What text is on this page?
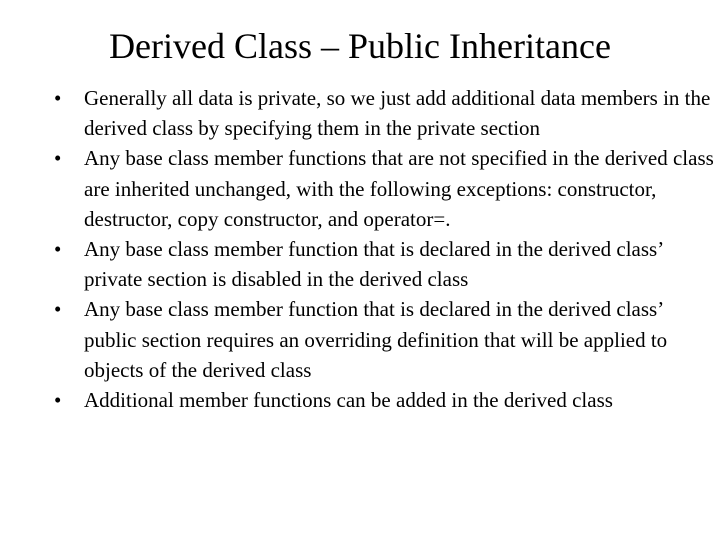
Derived Class – Public Inheritance
•	Generally all data is private, so we just add additional data members in the derived class by specifying them in the private section
•	Any base class member functions that are not specified in the derived class are inherited unchanged, with the following exceptions: constructor, destructor, copy constructor, and operator=.
•	Any base class member function that is declared in the derived class’ private section is disabled in the derived class
•	Any base class member function that is declared in the derived class’ public section requires an overriding definition that will be applied to objects of the derived class
•	Additional member functions can be added in the derived class
